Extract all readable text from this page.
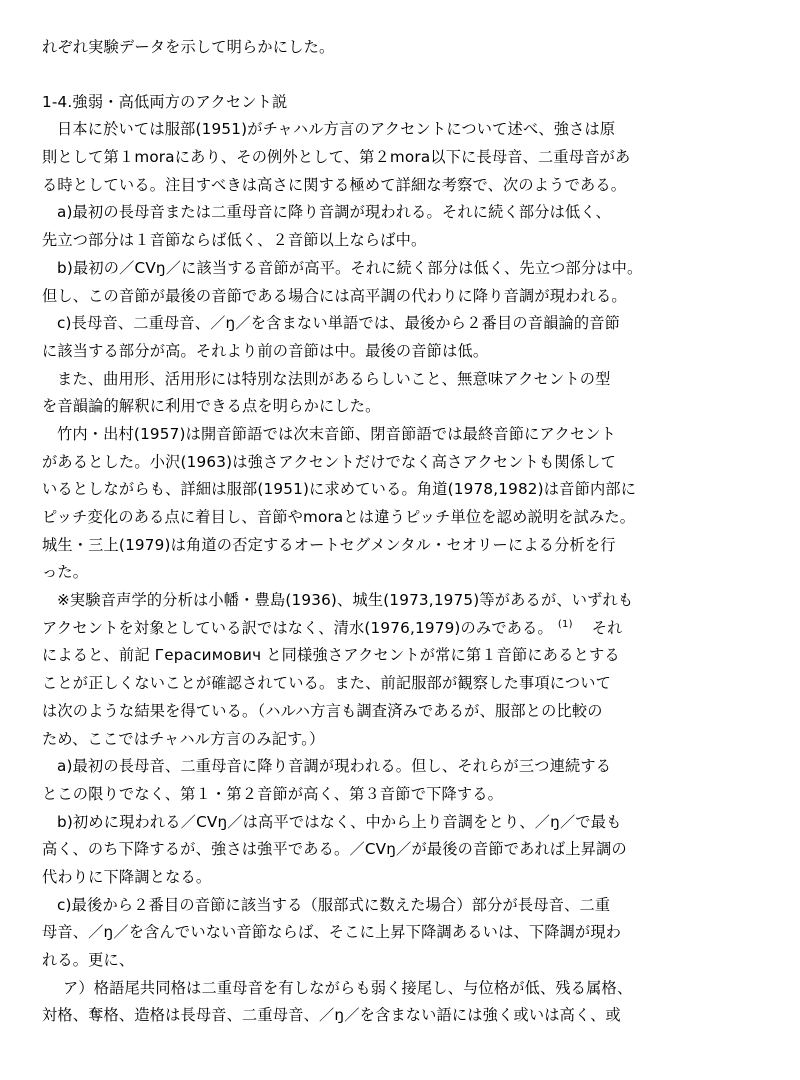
れぞれ実験データを示して明らかにした。
1-4.強弱・高低両方のアクセント説
日本に於いては服部(1951)がチャハル方言のアクセントについて述べ、強さは原
則として第１moraにあり、その例外として、第２mora以下に長母音、二重母音があ
る時としている。注目すべきは高さに関する極めて詳細な考察で、次のようである。
a)最初の長母音または二重母音に降り音調が現われる。それに続く部分は低く、
先立つ部分は１音節ならば低く、２音節以上ならば中。
b)最初の／CVŋ／に該当する音節が高平。それに続く部分は低く、先立つ部分は中。
但し、この音節が最後の音節である場合には高平調の代わりに降り音調が現われる。
c)長母音、二重母音、／ŋ／を含まない単語では、最後から２番目の音韻論的音節
に該当する部分が高。それより前の音節は中。最後の音節は低。
また、曲用形、活用形には特別な法則があるらしいこと、無意味アクセントの型
を音韻論的解釈に利用できる点を明らかにした。
竹内・出村(1957)は開音節語では次末音節、閉音節語では最終音節にアクセント
があるとした。小沢(1963)は強さアクセントだけでなく高さアクセントも関係して
いるとしながらも、詳細は服部(1951)に求めている。角道(1978,1982)は音節内部に
ピッチ変化のある点に着目し、音節やmoraとは違うピッチ単位を認め説明を試みた。
城生・三上(1979)は角道の否定するオートセグメンタル・セオリーによる分析を行
った。
※実験音声学的分析は小幡・豊島(1936)、城生(1973,1975)等があるが、いずれも
アクセントを対象としている訳ではなく、清水(1976,1979)のみである。 $^{(1)}$ それ
によると、前記 Герасимович と同様強さアクセントが常に第１音節にあるとする
ことが正しくないことが確認されている。また、前記服部が観察した事項について
は次のような結果を得ている。（ハルハ方言も調査済みであるが、服部との比較の
ため、ここではチャハル方言のみ記す。）
a)最初の長母音、二重母音に降り音調が現われる。但し、それらが三つ連続する
とこの限りでなく、第１・第２音節が高く、第３音節で下降する。
b)初めに現われる／CVŋ／は高平ではなく、中から上り音調をとり、／ŋ／で最も
高く、のち下降するが、強さは強平である。／CVŋ／が最後の音節であれば上昇調の
代わりに下降調となる。
c)最後から２番目の音節に該当する（服部式に数えた場合）部分が長母音、二重
母音、／ŋ／を含んでいない音節ならば、そこに上昇下降調あるいは、下降調が現わ
れる。更に、
ア）格語尾共同格は二重母音を有しながらも弱く接尾し、与位格が低、残る属格、
対格、奪格、造格は長母音、二重母音、／ŋ／を含まない語には強く或いは高く、或
